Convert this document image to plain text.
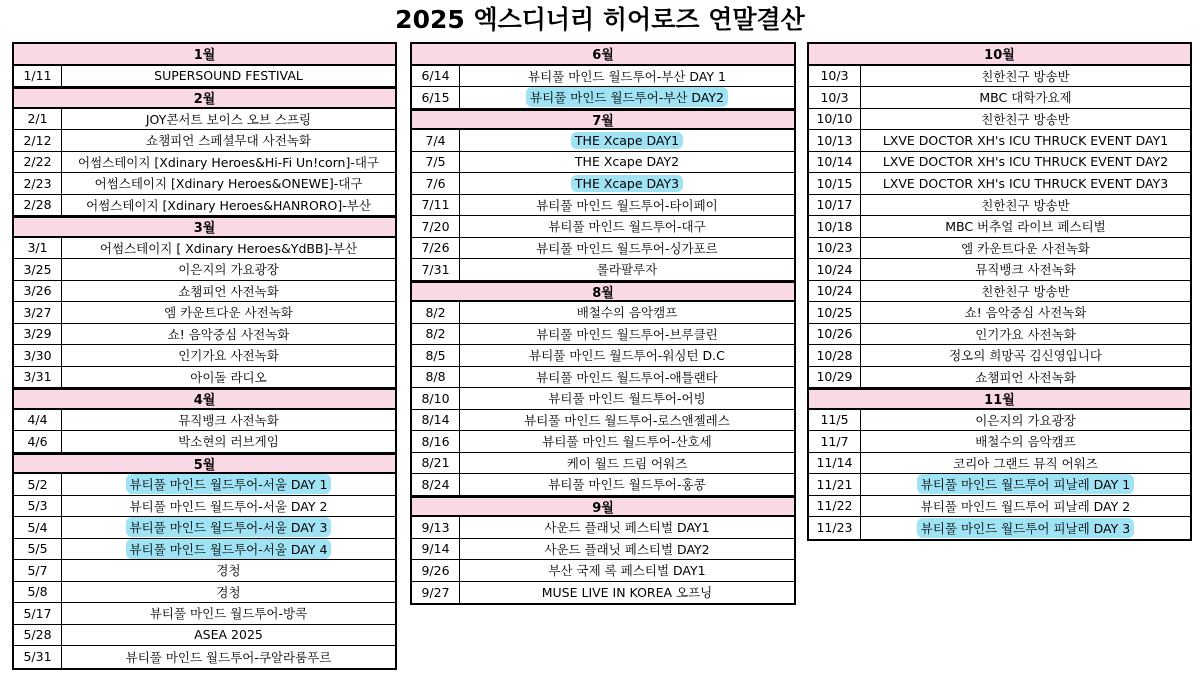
2025 엑스디너리 히어로즈 연말결산
1월
1/11	SUPERSOUND FESTIVAL
2월
2/1	JOY콘서트 보이스 오브 스프링
2/12	쇼챔피언 스페셜무대 사전녹화
2/22	어썸스테이지 [Xdinary Heroes&Hi-Fi Un!corn]-대구
2/23	어썸스테이지 [Xdinary Heroes&ONEWE]-대구
2/28	어썸스테이지 [Xdinary Heroes&HANRORO]-부산
3월
3/1	어썸스테이지 [ Xdinary Heroes&YdBB]-부산
3/25	이은지의 가요광장
3/26	쇼챔피언 사전녹화
3/27	엠 카운트다운 사전녹화
3/29	쇼! 음악중심 사전녹화
3/30	인기가요 사전녹화
3/31	아이돌 라디오
4월
4/4	뮤직뱅크 사전녹화
4/6	박소현의 러브게임
5월
5/2	뷰티풀 마인드 월드투어-서울 DAY 1
5/3	뷰티풀 마인드 월드투어-서울 DAY 2
5/4	뷰티풀 마인드 월드투어-서울 DAY 3
5/5	뷰티풀 마인드 월드투어-서울 DAY 4
5/7	경청
5/8	경청
5/17	뷰티풀 마인드 월드투어-방콕
5/28	ASEA 2025
5/31	뷰티풀 마인드 월드투어-쿠알라룸푸르
6월
6/14	뷰티풀 마인드 월드투어-부산 DAY 1
6/15	뷰티풀 마인드 월드투어-부산 DAY2
7월
7/4	THE Xcape DAY1
7/5	THE Xcape DAY2
7/6	THE Xcape DAY3
7/11	뷰티풀 마인드 월드투어-타이페이
7/20	뷰티풀 마인드 월드투어-대구
7/26	뷰티풀 마인드 월드투어-싱가포르
7/31	롤라팔루자
8월
8/2	배철수의 음악캠프
8/2	뷰티풀 마인드 월드투어-브루클린
8/5	뷰티풀 마인드 월드투어-워싱턴 D.C
8/8	뷰티풀 마인드 월드투어-애틀랜타
8/10	뷰티풀 마인드 월드투어-어빙
8/14	뷰티풀 마인드 월드투어-로스앤젤레스
8/16	뷰티풀 마인드 월드투어-산호세
8/21	케이 월드 드림 어워즈
8/24	뷰티풀 마인드 월드투어-홍콩
9월
9/13	사운드 플래닛 페스티벌 DAY1
9/14	사운드 플래닛 페스티벌 DAY2
9/26	부산 국제 록 페스티벌 DAY1
9/27	MUSE LIVE IN KOREA 오프닝
10월
10/3	친한친구 방송반
10/3	MBC 대학가요제
10/10	친한친구 방송반
10/13	LXVE DOCTOR XH's ICU THRUCK EVENT DAY1
10/14	LXVE DOCTOR XH's ICU THRUCK EVENT DAY2
10/15	LXVE DOCTOR XH's ICU THRUCK EVENT DAY3
10/17	친한친구 방송반
10/18	MBC 버추얼 라이브 페스티벌
10/23	엠 카운트다운 사전녹화
10/24	뮤직뱅크 사전녹화
10/24	친한친구 방송반
10/25	쇼! 음악중심 사전녹화
10/26	인기가요 사전녹화
10/28	정오의 희망곡 김신영입니다
10/29	쇼챔피언 사전녹화
11월
11/5	이은지의 가요광장
11/7	배철수의 음악캠프
11/14	코리아 그랜드 뮤직 어워즈
11/21	뷰티풀 마인드 월드투어 피날레 DAY 1
11/22	뷰티풀 마인드 월드투어 피날레 DAY 2
11/23	뷰티풀 마인드 월드투어 피날레 DAY 3
